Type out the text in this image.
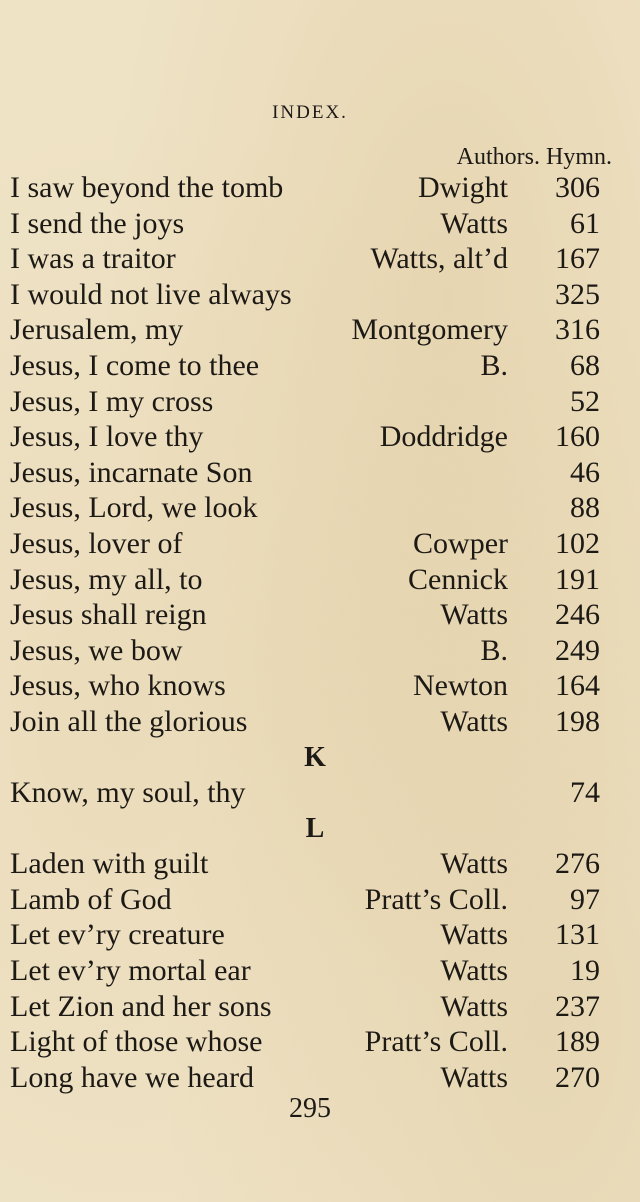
INDEX.
Authors. Hymn.
I saw beyond the tomb	Dwight 306
I send the joys	Watts 61
I was a traitor	Watts, alt’d 167
I would not live always	325
Jerusalem, my	Montgomery 316
Jesus, I come to thee	B. 68
Jesus, I my cross	52
Jesus, I love thy	Doddridge 160
Jesus, incarnate Son	46
Jesus, Lord, we look	88
Jesus, lover of	Cowper 102
Jesus, my all, to	Cennick 191
Jesus shall reign	Watts 246
Jesus, we bow	B. 249
Jesus, who knows	Newton 164
Join all the glorious	Watts 198
K
Know, my soul, thy	74
L
Laden with guilt	Watts 276
Lamb of God	Pratt’s Coll. 97
Let ev’ry creature	Watts 131
Let ev’ry mortal ear	Watts 19
Let Zion and her sons	Watts 237
Light of those whose	Pratt’s Coll. 189
Long have we heard	Watts 270
295
